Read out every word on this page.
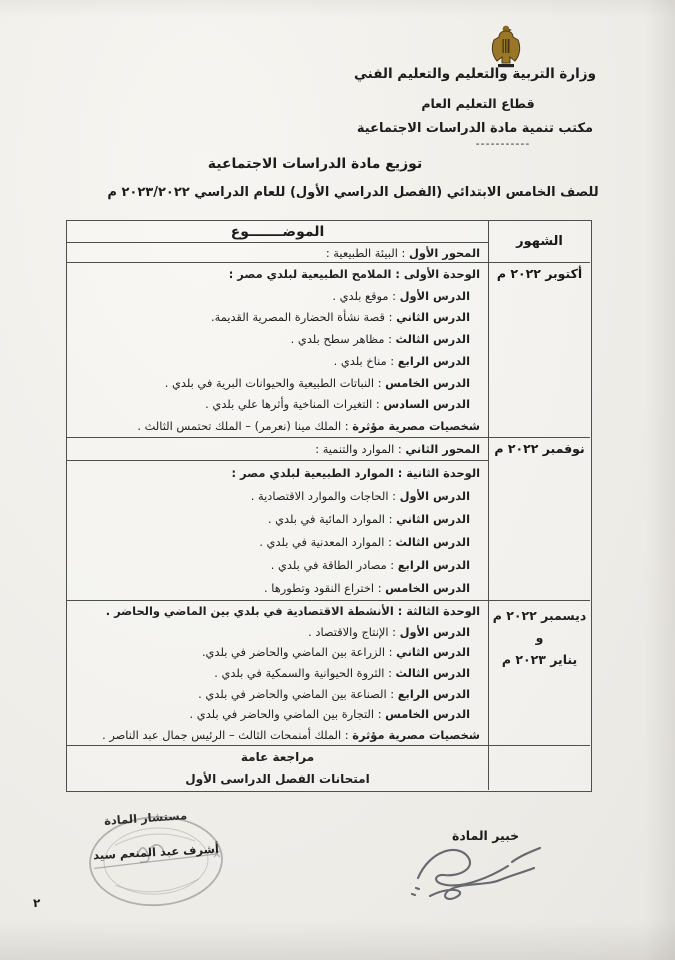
وزارة التربية والتعليم والتعليم الفني
قطاع التعليم العام
مكتب تنمية مادة الدراسات الاجتماعية
-----------
توزيع مادة الدراسات الاجتماعية
للصف الخامس الابتدائي (الفصل الدراسي الأول) للعام الدراسي ٢٠٢٣/٢٠٢٢ م
الموضـــــــوع
المحور الأول
:
البيئة الطبيعية :
الوحدة الأولى
:
الملامح الطبيعية لبلدي مصر :
الدرس الأول
:
موقع بلدي .
الدرس الثاني
:
قصة نشأة الحضارة المصرية القديمة.
الدرس الثالث
:
مظاهر سطح بلدي .
الدرس الرابع
:
مناخ بلدي .
الدرس الخامس
:
النباتات الطبيعية والحيوانات البرية في بلدي .
الدرس السادس
:
التغيرات المناخية وأثرها علي بلدي .
شخصيات مصرية مؤثرة
:
الملك مينا (نعرمر) – الملك تحتمس الثالث .
المحور الثاني
:
الموارد والتنمية :
الوحدة الثانية
:
الموارد الطبيعية لبلدي مصر :
الدرس الأول
:
الحاجات والموارد الاقتصادية .
الدرس الثاني
:
الموارد المائية في بلدي .
الدرس الثالث
:
الموارد المعدنية في بلدي .
الدرس الرابع
:
مصادر الطاقة في بلدي .
الدرس الخامس
:
اختراع النقود وتطورها .
الوحدة الثالثة
:
الأنشطة الاقتصادية في بلدي بين الماضي والحاضر .
الدرس الأول
:
الإنتاج والاقتصاد .
الدرس الثاني
:
الزراعة بين الماضي والحاضر في بلدي.
الدرس الثالث
:
الثروة الحيوانية والسمكية في بلدي .
الدرس الرابع
:
الصناعة بين الماضي والحاضر في بلدي .
الدرس الخامس
:
التجارة بين الماضي والحاضر في بلدي .
شخصيات مصرية مؤثرة
:
الملك أمنمحات الثالث – الرئيس جمال عبد الناصر .
مراجعة عامة
امتحانات الفصل الدراسى الأول
الشهور
أكتوبر ٢٠٢٢ م
نوفمبر ٢٠٢٢ م
ديسمبر ٢٠٢٢ م
و
يناير ٢٠٢٣ م
خبير المادة
مستشار المادة
أشرف عبد المنعم سيد
٢
